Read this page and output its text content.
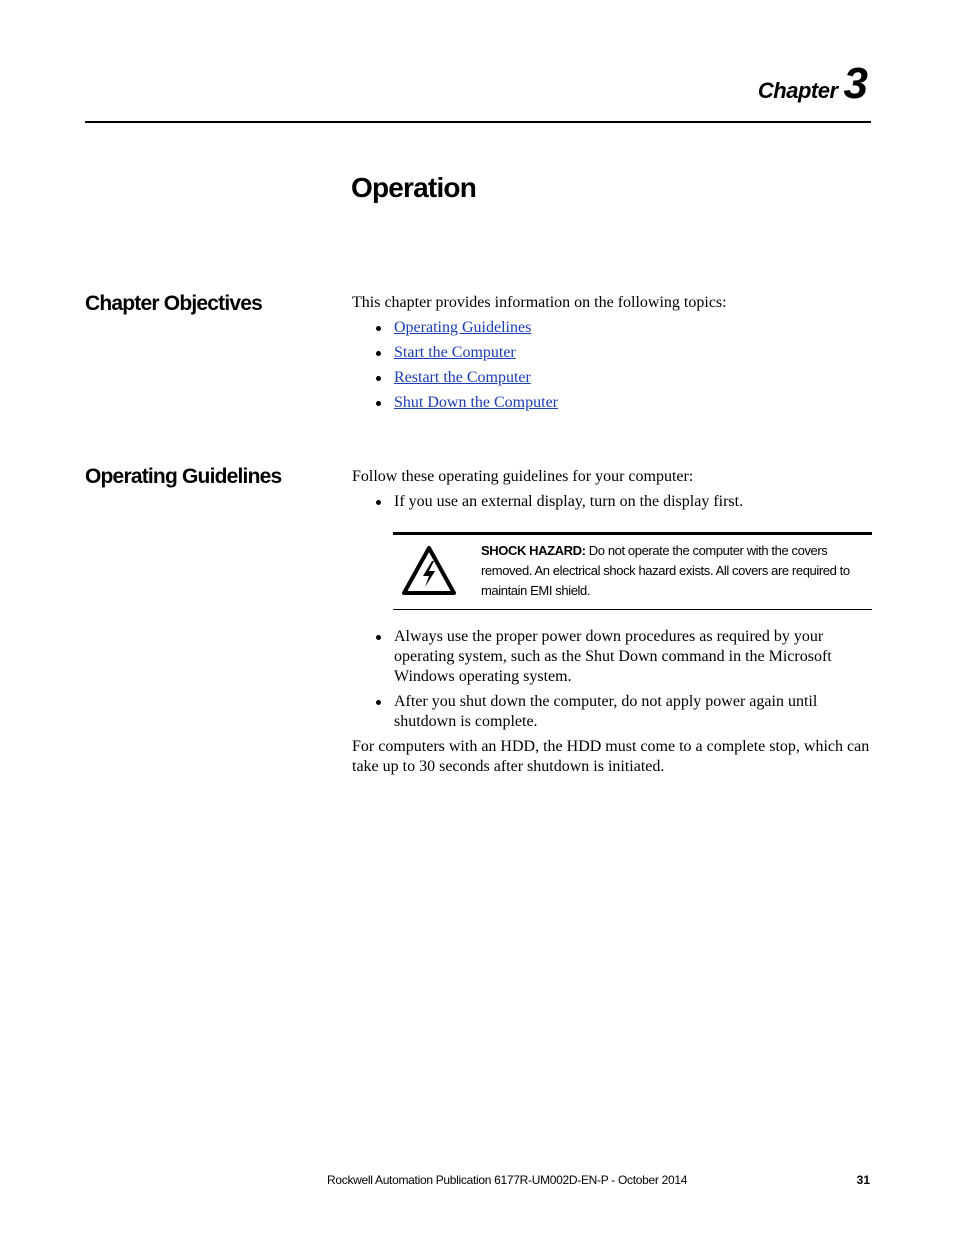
Chapter 3
Operation
Chapter Objectives	This chapter provides information on the following topics:

Operating Guidelines
Start the Computer
Restart the Computer
Shut Down the Computer
Operating Guidelines	Follow these operating guidelines for your computer:

If you use an external display, turn on the display first.
SHOCK HAZARD: Do not operate the computer with the covers removed. An electrical shock hazard exists. All covers are required to maintain EMI shield.
Always use the proper power down procedures as required by your operating system, such as the Shut Down command in the Microsoft Windows operating system.
After you shut down the computer, do not apply power again until shutdown is complete.

For computers with an HDD, the HDD must come to a complete stop, which can take up to 30 seconds after shutdown is initiated.

Rockwell Automation Publication 6177R-UM002D-EN-P - October 2014	31
